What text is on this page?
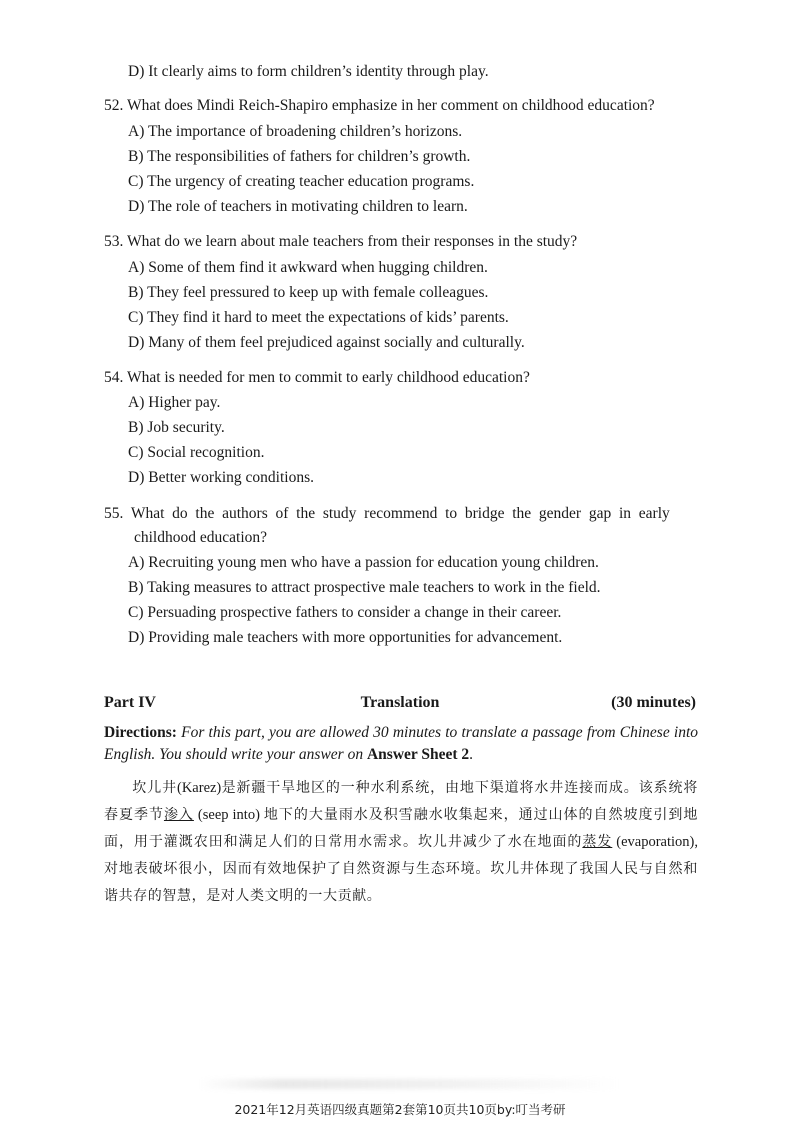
D) It clearly aims to form children’s identity through play.
52. What does Mindi Reich-Shapiro emphasize in her comment on childhood education?
A) The importance of broadening children’s horizons.
B) The responsibilities of fathers for children’s growth.
C) The urgency of creating teacher education programs.
D) The role of teachers in motivating children to learn.
53. What do we learn about male teachers from their responses in the study?
A) Some of them find it awkward when hugging children.
B) They feel pressured to keep up with female colleagues.
C) They find it hard to meet the expectations of kids’ parents.
D) Many of them feel prejudiced against socially and culturally.
54. What is needed for men to commit to early childhood education?
A) Higher pay.
B) Job security.
C) Social recognition.
D) Better working conditions.
55.  What  do  the  authors  of  the  study  recommend  to  bridge  the  gender  gap  in  early
childhood education?
A) Recruiting young men who have a passion for education young children.
B) Taking measures to attract prospective male teachers to work in the field.
C) Persuading prospective fathers to consider a change in their career.
D) Providing male teachers with more opportunities for advancement.
Part IV	Translation	(30 minutes)
Directions: For this part, you are allowed 30 minutes to translate a passage from Chinese into English. You should write your answer on Answer Sheet 2.
坎儿井(Karez)是新疆干旱地区的一种水利系统，由地下渠道将水井连接而成。该系统将春夏季节渗入 (seep into) 地下的大量雨水及积雪融水收集起来，通过山体的自然坡度引到地面，用于灌溉农田和满足人们的日常用水需求。坎儿井减少了水在地面的蒸发 (evaporation),对地表破坏很小，因而有效地保护了自然资源与生态环境。坎儿井体现了我国人民与自然和谐共存的智慧，是对人类文明的一大贡献。
2021年12月英语四级真题第2套第10页共10页by:叮当考研
